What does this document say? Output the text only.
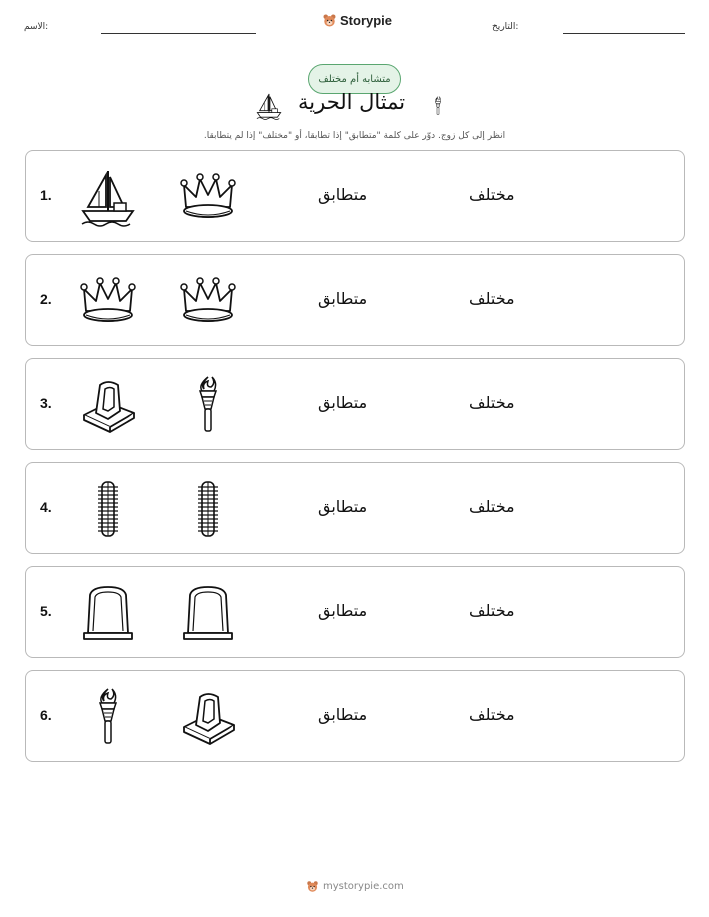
التاريخ:
Storypie
الاسم:
متشابه أم مختلف
تمثال الحرية
انظر إلى كل زوج. دوّر على كلمة "متطابق" إذا تطابقا، أو "مختلف" إذا لم يتطابقا.
1.	متطابق	مختلف
2.	متطابق	مختلف
3.	متطابق	مختلف
4.	متطابق	مختلف
5.	متطابق	مختلف
6.	متطابق	مختلف
mystorypie.com
